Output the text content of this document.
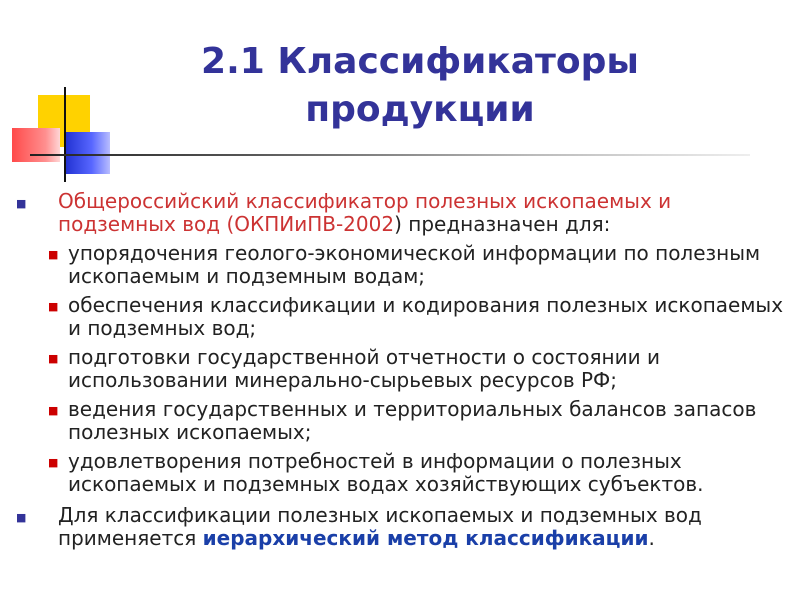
2.1 Классификаторы
продукции
■ Общероссийский классификатор полезных ископаемых и подземных вод (ОКПИиПВ-2002) предназначен для:
■ упорядочения геолого-экономической информации по полезным ископаемым и подземным водам;
■ обеспечения классификации и кодирования полезных ископаемых и подземных вод;
■ подготовки государственной отчетности о состоянии и использовании минерально-сырьевых ресурсов РФ;
■ ведения государственных и территориальных балансов запасов полезных ископаемых;
■ удовлетворения потребностей в информации о полезных ископаемых и подземных водах хозяйствующих субъектов.
■ Для классификации полезных ископаемых и подземных вод применяется иерархический метод классификации.
